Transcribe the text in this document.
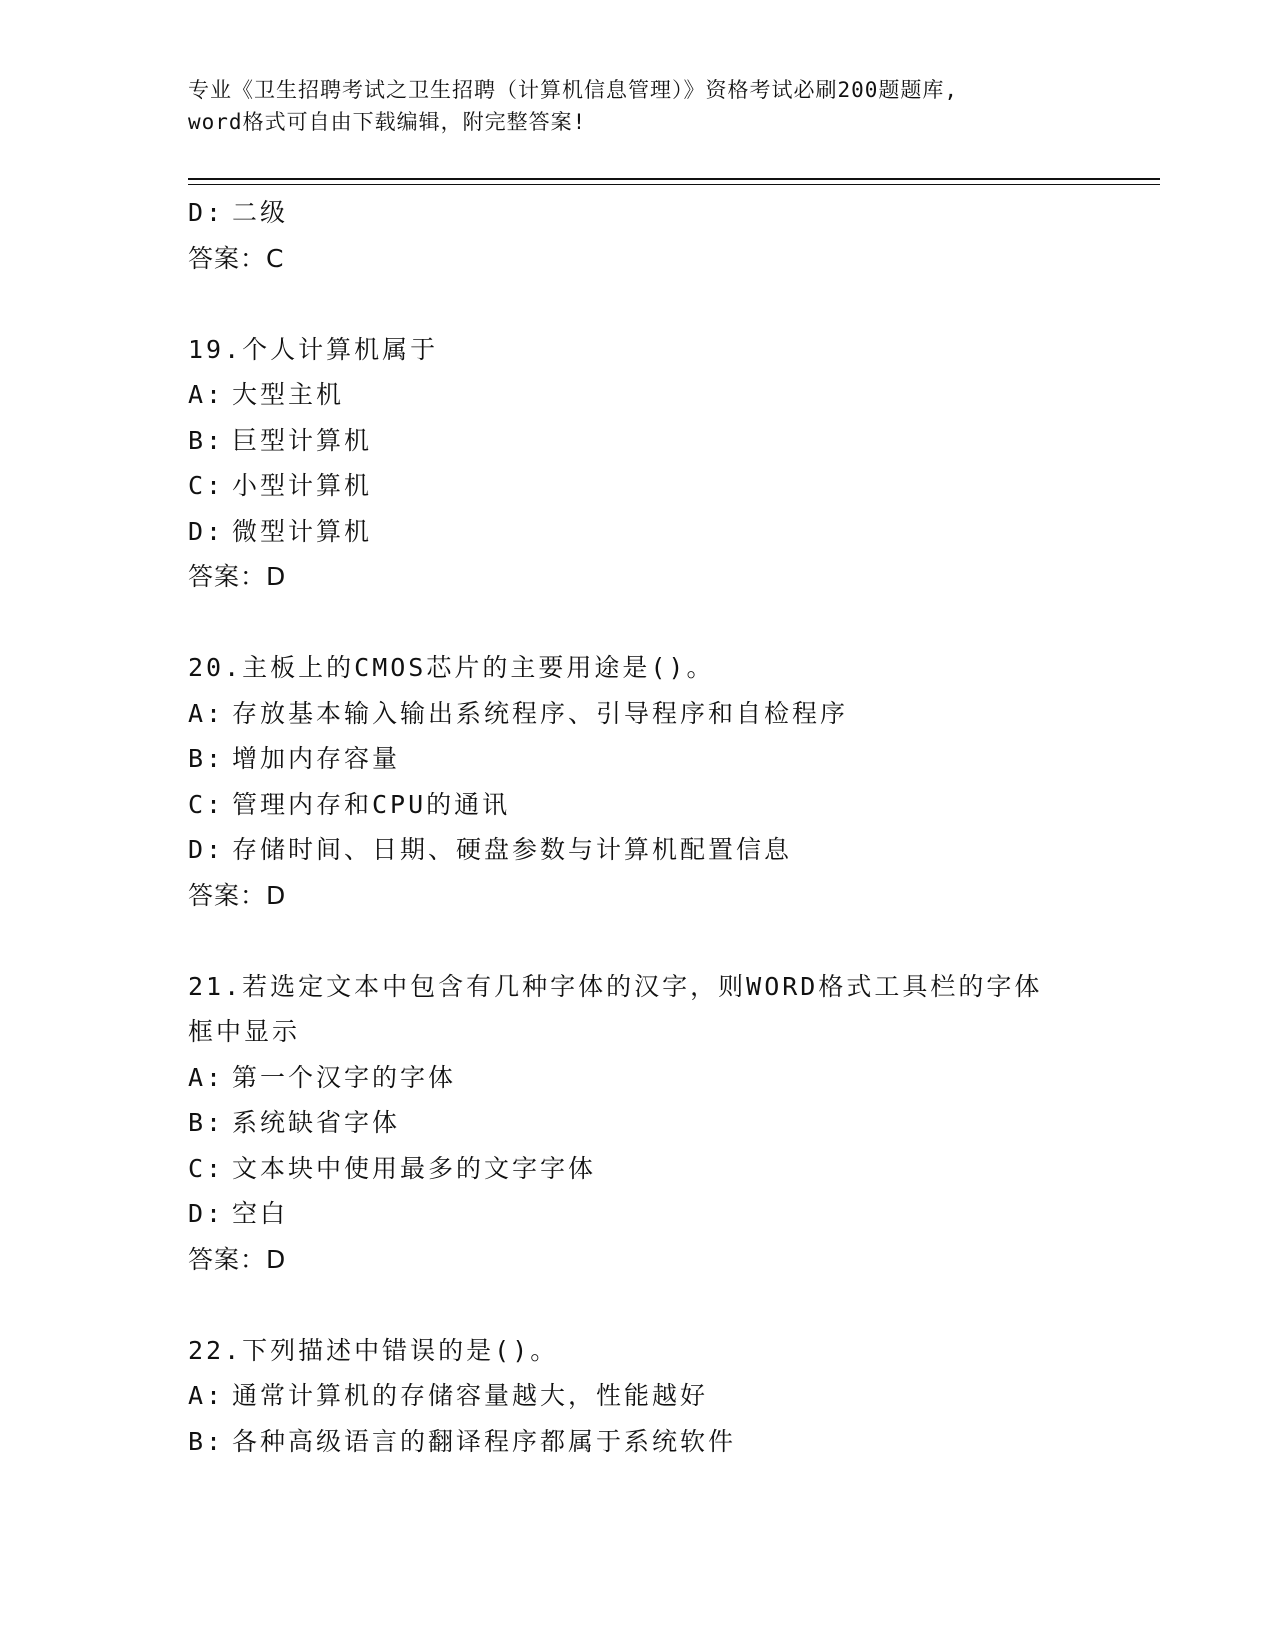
专业《卫生招聘考试之卫生招聘（计算机信息管理）》资格考试必刷200题题库,
word格式可自由下载编辑，附完整答案!
D: 二级
答案：C
19.个人计算机属于
A: 大型主机
B: 巨型计算机
C: 小型计算机
D: 微型计算机
答案：D
20.主板上的CMOS芯片的主要用途是()。
A: 存放基本输入输出系统程序、引导程序和自检程序
B: 增加内存容量
C: 管理内存和CPU的通讯
D: 存储时间、日期、硬盘参数与计算机配置信息
答案：D
21.若选定文本中包含有几种字体的汉字，则WORD格式工具栏的字体
框中显示
A: 第一个汉字的字体
B: 系统缺省字体
C: 文本块中使用最多的文字字体
D: 空白
答案：D
22.下列描述中错误的是()。
A: 通常计算机的存储容量越大，性能越好
B: 各种高级语言的翻译程序都属于系统软件
